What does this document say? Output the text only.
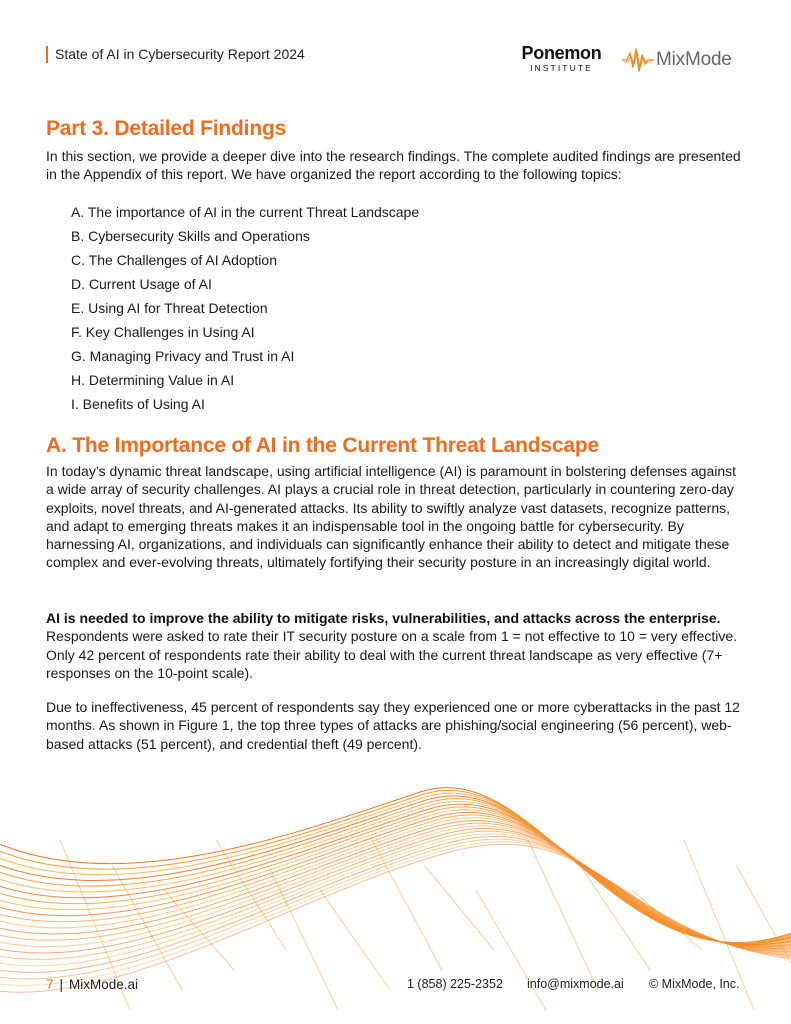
State of AI in Cybersecurity Report 2024	Ponemon
INSTITUTE	MixMode
Part 3. Detailed Findings

In this section, we provide a deeper dive into the research findings. The complete audited findings are presented in the Appendix of this report. We have organized the report according to the following topics:

A. The importance of AI in the current Threat Landscape
B. Cybersecurity Skills and Operations
C. The Challenges of AI Adoption
D. Current Usage of AI
E. Using AI for Threat Detection
F. Key Challenges in Using AI
G. Managing Privacy and Trust in AI
H. Determining Value in AI
I. Benefits of Using AI
A. The Importance of AI in the Current Threat Landscape

In today’s dynamic threat landscape, using artificial intelligence (AI) is paramount in bolstering defenses against a wide array of security challenges. AI plays a crucial role in threat detection, particularly in countering zero-day exploits, novel threats, and AI-generated attacks. Its ability to swiftly analyze vast datasets, recognize patterns, and adapt to emerging threats makes it an indispensable tool in the ongoing battle for cybersecurity. By harnessing AI, organizations, and individuals can significantly enhance their ability to detect and mitigate these complex and ever-evolving threats, ultimately fortifying their security posture in an increasingly digital world.

AI is needed to improve the ability to mitigate risks, vulnerabilities, and attacks across the enterprise. Respondents were asked to rate their IT security posture on a scale from 1 = not effective to 10 = very effective. Only 42 percent of respondents rate their ability to deal with the current threat landscape as very effective (7+ responses on the 10-point scale).

Due to ineffectiveness, 45 percent of respondents say they experienced one or more cyberattacks in the past 12 months. As shown in Figure 1, the top three types of attacks are phishing/social engineering (56 percent), web-based attacks (51 percent), and credential theft (49 percent).

7 | MixMode.ai	1 (858) 225-2352 info@mixmode.ai © MixMode, Inc.
